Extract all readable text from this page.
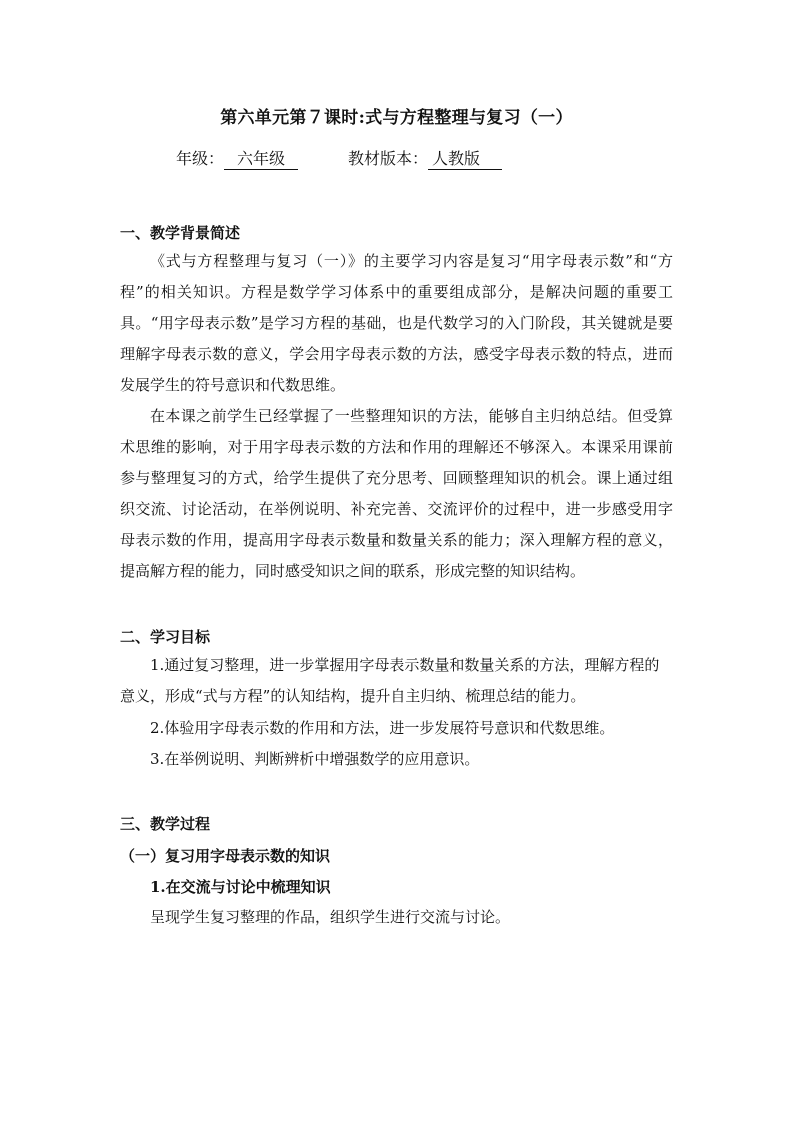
第六单元第７课时:式与方程整理与复习（一）
年级： 六年级	教材版本： 人教版
一、教学背景简述

《式与方程整理与复习（一）》的主要学习内容是复习“用字母表示数”和“方程”的相关知识。方程是数学学习体系中的重要组成部分，是解决问题的重要工具。“用字母表示数”是学习方程的基础，也是代数学习的入门阶段，其关键就是要理解字母表示数的意义，学会用字母表示数的方法，感受字母表示数的特点，进而发展学生的符号意识和代数思维。

在本课之前学生已经掌握了一些整理知识的方法，能够自主归纳总结。但受算术思维的影响，对于用字母表示数的方法和作用的理解还不够深入。本课采用课前参与整理复习的方式，给学生提供了充分思考、回顾整理知识的机会。课上通过组织交流、讨论活动，在举例说明、补充完善、交流评价的过程中，进一步感受用字母表示数的作用，提高用字母表示数量和数量关系的能力；深入理解方程的意义，提高解方程的能力，同时感受知识之间的联系，形成完整的知识结构。

二、学习目标

1.通过复习整理，进一步掌握用字母表示数量和数量关系的方法，理解方程的意义，形成“式与方程”的认知结构，提升自主归纳、梳理总结的能力。

2.体验用字母表示数的作用和方法，进一步发展符号意识和代数思维。

3.在举例说明、判断辨析中增强数学的应用意识。

三、教学过程
（一）复习用字母表示数的知识
1.在交流与讨论中梳理知识
呈现学生复习整理的作品，组织学生进行交流与讨论。
